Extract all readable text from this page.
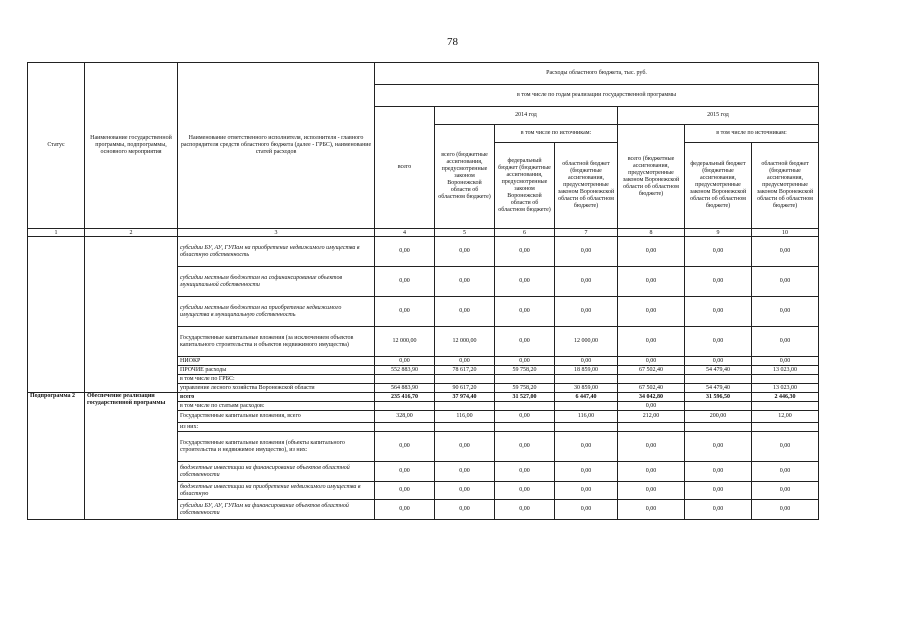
78
Статус	Наименование государственной программы, подпрограммы, основного мероприятия	Наименование ответственного исполнителя, исполнителя - главного распорядителя средств областного бюджета (далее - ГРБС), наименование статей расходов	Расходы областного бюджета, тыс. руб.						
			в том числе по годам реализации государственной программы						
			всего	2014 год			2015 год		
				всего (бюджетные ассигнования, предусмотренные законом Воронежской области об областном бюджете)	в том числе по источникам:		всего (бюджетные ассигнования, предусмотренные законом Воронежской области об областном бюджете)	в том числе по источникам:	
					федеральный бюджет (бюджетные ассигнования, предусмотренные законом Воронежской области об областном бюджете)	областной бюджет (бюджетные ассигнования, предусмотренные законом Воронежской области об областном бюджете)		федеральный бюджет (бюджетные ассигнования, предусмотренные законом Воронежской области об областном бюджете)	областной бюджет (бюджетные ассигнования, предусмотренные законом Воронежской области об областном бюджете)
1	2	3	4	5	6	7	8	9	10
		субсидии БУ, АУ, ГУПам на приобретение недвижимого имущества в областную собственность	0,00	0,00	0,00	0,00	0,00	0,00	0,00
		субсидии местным бюджетам на софинансирование объектов муниципальной собственности	0,00	0,00	0,00	0,00	0,00	0,00	0,00
		субсидии местным бюджетам на приобретение недвижимого имущества в муниципальную собственность	0,00	0,00	0,00	0,00	0,00	0,00	0,00
		Государственные капитальные вложения (за исключением объектов капитального строительства и объектов недвижимого имущества)	12 000,00	12 000,00	0,00	12 000,00	0,00	0,00	0,00
		НИОКР	0,00	0,00	0,00	0,00	0,00	0,00	0,00
		ПРОЧИЕ расходы	552 883,90	78 617,20	59 758,20	18 859,00	67 502,40	54 479,40	13 023,00
		в том числе по ГРБС:							
		управление лесного хозяйства Воронежской области	564 883,90	90 617,20	59 758,20	30 859,00	67 502,40	54 479,40	13 023,00
Подпрограмма 2	Обеспечение реализации государственной программы	всего	235 416,70	37 974,40	31 527,00	6 447,40	34 042,80	31 596,50	2 446,30
		в том числе по статьям расходов:					0,00		
		Государственные капитальные вложения, всего	328,00	116,00	0,00	116,00	212,00	200,00	12,00
		из них:							
		Государственные капитальные вложения (объекты капитального строительства и недвижимое имущество), из них:	0,00	0,00	0,00	0,00	0,00	0,00	0,00
		бюджетные инвестиции на финансирование объектов областной собственности	0,00	0,00	0,00	0,00	0,00	0,00	0,00
		бюджетные инвестиции на приобретение недвижимого имущества в областную	0,00	0,00	0,00	0,00	0,00	0,00	0,00
		субсидии БУ, АУ, ГУПам на финансирование объектов областной собственности	0,00	0,00	0,00	0,00	0,00	0,00	0,00
